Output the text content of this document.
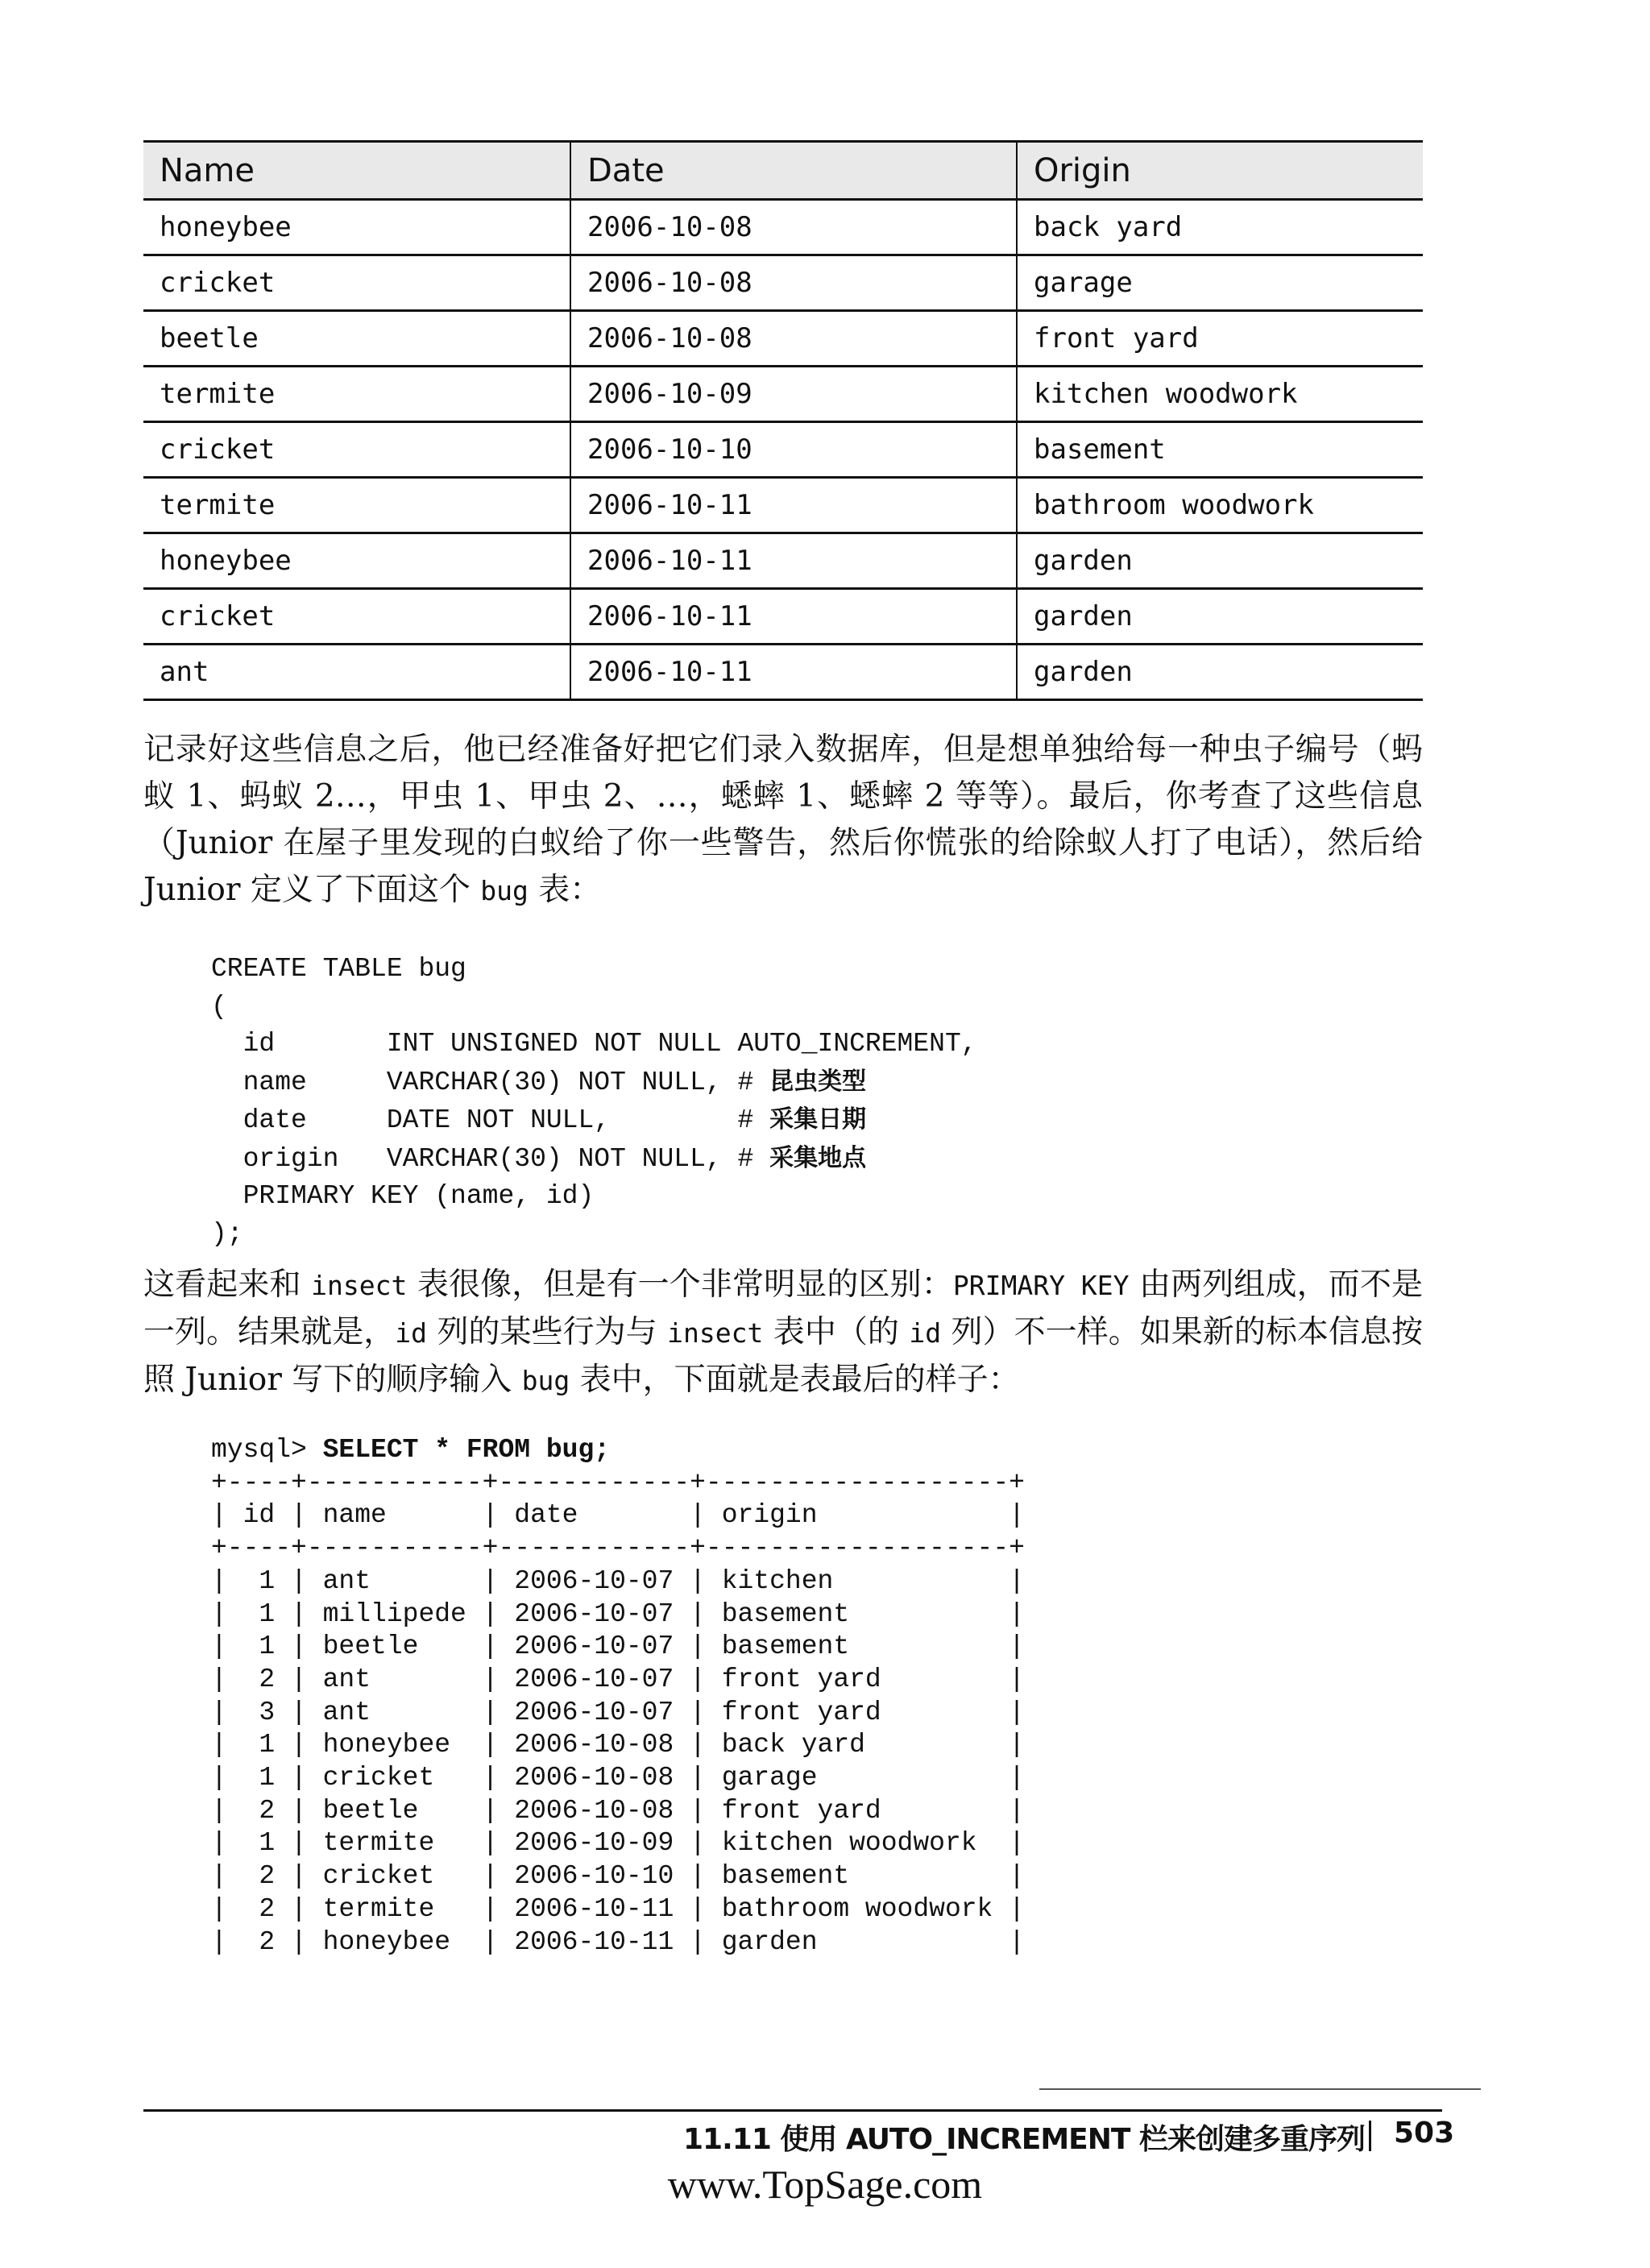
Name	Date	Origin
honeybee	2006-10-08	back yard
cricket	2006-10-08	garage
beetle	2006-10-08	front yard
termite	2006-10-09	kitchen woodwork
cricket	2006-10-10	basement
termite	2006-10-11	bathroom woodwork
honeybee	2006-10-11	garden
cricket	2006-10-11	garden
ant	2006-10-11	garden

记录好这些信息之后，他已经准备好把它们录入数据库，但是想单独给每一种虫子编号（蚂蚁 1、蚂蚁 2…，甲虫 1、甲虫 2、…，蟋蟀 1、蟋蟀 2 等等）。最后，你考查了这些信息（Junior 在屋子里发现的白蚁给了你一些警告，然后你慌张的给除蚁人打了电话），然后给 Junior 定义了下面这个 bug 表：

CREATE TABLE bug
(
id       INT UNSIGNED NOT NULL AUTO_INCREMENT,
name     VARCHAR(30) NOT NULL, # 昆虫类型
date     DATE NOT NULL,        # 采集日期
origin   VARCHAR(30) NOT NULL, # 采集地点
PRIMARY KEY (name, id)
);

这看起来和 insect 表很像，但是有一个非常明显的区别：PRIMARY KEY 由两列组成，而不是一列。结果就是，id 列的某些行为与 insect 表中（的 id 列）不一样。如果新的标本信息按照 Junior 写下的顺序输入 bug 表中，下面就是表最后的样子：

mysql> SELECT * FROM bug;
+----+-----------+------------+-------------------+
| id | name      | date       | origin            |
+----+-----------+------------+-------------------+
|  1 | ant       | 2006-10-07 | kitchen           |
|  1 | millipede | 2006-10-07 | basement          |
|  1 | beetle    | 2006-10-07 | basement          |
|  2 | ant       | 2006-10-07 | front yard        |
|  3 | ant       | 2006-10-07 | front yard        |
|  1 | honeybee  | 2006-10-08 | back yard         |
|  1 | cricket   | 2006-10-08 | garage            |
|  2 | beetle    | 2006-10-08 | front yard        |
|  1 | termite   | 2006-10-09 | kitchen woodwork  |
|  2 | cricket   | 2006-10-10 | basement          |
|  2 | termite   | 2006-10-11 | bathroom woodwork |
|  2 | honeybee  | 2006-10-11 | garden            |
11.11 使用 AUTO_INCREMENT 栏来创建多重序列 503
www.TopSage.com
